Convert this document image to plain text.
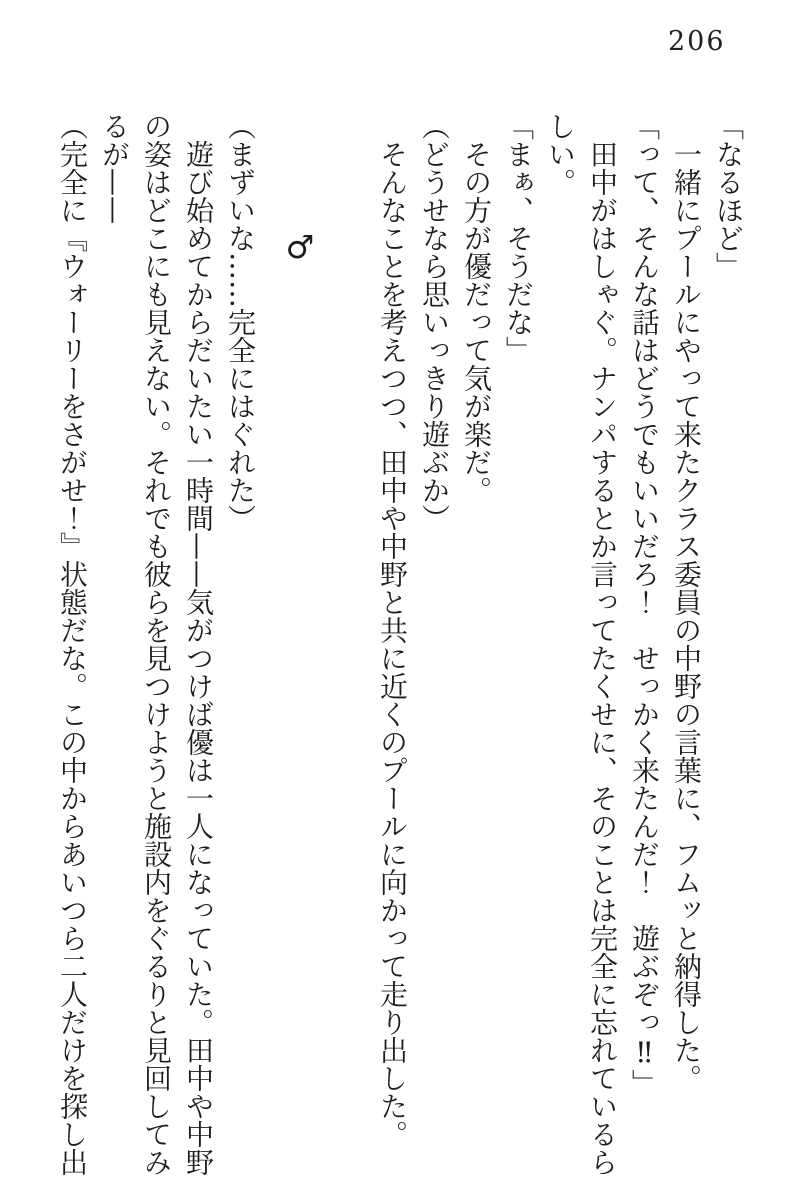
206
「なるほど」
一緒にプールにやって来たクラス委員の中野の言葉に、フムッと納得した。
「って、そんな話はどうでもいいだろ！　せっかく来たんだ！　遊ぶぞっ‼」
田中がはしゃぐ。ナンパするとか言ってたくせに、そのことは完全に忘れているら
しい。
「まぁ、そうだな」
その方が優だって気が楽だ。
（どうせなら思いっきり遊ぶか）
そんなことを考えつつ、田中や中野と共に近くのプールに向かって走り出した。
♂
（まずいな……完全にはぐれた）
遊び始めてからだいたい一時間——気がつけば優は一人になっていた。田中や中野
の姿はどこにも見えない。それでも彼らを見つけようと施設内をぐるりと見回してみ
るが——
（完全に『ウォーリーをさがせ！』状態だな。この中からあいつら二人だけを探し出
